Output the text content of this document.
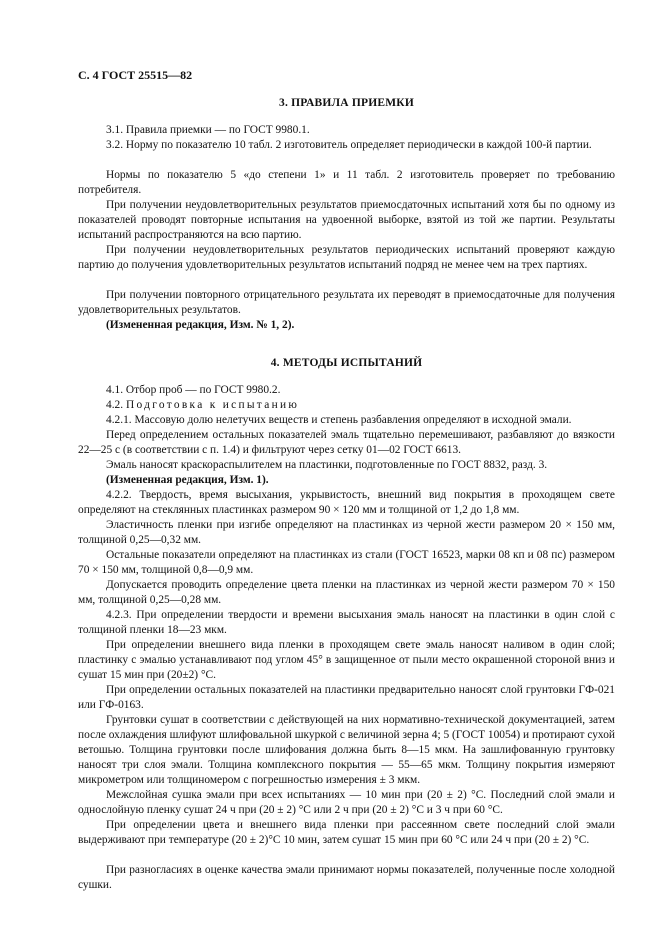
С. 4 ГОСТ 25515—82
3. ПРАВИЛА ПРИЕМКИ
3.1. Правила приемки — по ГОСТ 9980.1.
3.2. Норму по показателю 10 табл. 2 изготовитель определяет периодически в каждой 100-й партии.
Нормы по показателю 5 «до степени 1» и 11 табл. 2 изготовитель проверяет по требованию потребителя.
При получении неудовлетворительных результатов приемосдаточных испытаний хотя бы по одному из показателей проводят повторные испытания на удвоенной выборке, взятой из той же партии. Результаты испытаний распространяются на всю партию.
При получении неудовлетворительных результатов периодических испытаний проверяют каждую партию до получения удовлетворительных результатов испытаний подряд не менее чем на трех партиях.
При получении повторного отрицательного результата их переводят в приемосдаточные для получения удовлетворительных результатов.
(Измененная редакция, Изм. № 1, 2).
4. МЕТОДЫ ИСПЫТАНИЙ
4.1. Отбор проб — по ГОСТ 9980.2.
4.2. Подготовка к испытанию
4.2.1. Массовую долю нелетучих веществ и степень разбавления определяют в исходной эмали.
Перед определением остальных показателей эмаль тщательно перемешивают, разбавляют до вязкости 22—25 с (в соответствии с п. 1.4) и фильтруют через сетку 01—02 ГОСТ 6613.
Эмаль наносят краскораспылителем на пластинки, подготовленные по ГОСТ 8832, разд. 3.
(Измененная редакция, Изм. 1).
4.2.2. Твердость, время высыхания, укрывистость, внешний вид покрытия в проходящем свете определяют на стеклянных пластинках размером 90 × 120 мм и толщиной от 1,2 до 1,8 мм.
Эластичность пленки при изгибе определяют на пластинках из черной жести размером 20 × 150 мм, толщиной 0,25—0,32 мм.
Остальные показатели определяют на пластинках из стали (ГОСТ 16523, марки 08 кп и 08 пс) размером 70 × 150 мм, толщиной 0,8—0,9 мм.
Допускается проводить определение цвета пленки на пластинках из черной жести размером 70 × 150 мм, толщиной 0,25—0,28 мм.
4.2.3. При определении твердости и времени высыхания эмаль наносят на пластинки в один слой с толщиной пленки 18—23 мкм.
При определении внешнего вида пленки в проходящем свете эмаль наносят наливом в один слой; пластинку с эмалью устанавливают под углом 45° в защищенное от пыли место окрашенной стороной вниз и сушат 15 мин при (20±2) °С.
При определении остальных показателей на пластинки предварительно наносят слой грунтовки ГФ-021 или ГФ-0163.
Грунтовки сушат в соответствии с действующей на них нормативно-технической документацией, затем после охлаждения шлифуют шлифовальной шкуркой с величиной зерна 4; 5 (ГОСТ 10054) и протирают сухой ветошью. Толщина грунтовки после шлифования должна быть 8—15 мкм. На зашлифованную грунтовку наносят три слоя эмали. Толщина комплексного покрытия — 55—65 мкм. Толщину покрытия измеряют микрометром или толщиномером с погрешностью измерения ± 3 мкм.
Межслойная сушка эмали при всех испытаниях — 10 мин при (20 ± 2) °С. Последний слой эмали и однослойную пленку сушат 24 ч при (20 ± 2) °С или 2 ч при (20 ± 2) °С и 3 ч при 60 °С.
При определении цвета и внешнего вида пленки при рассеянном свете последний слой эмали выдерживают при температуре (20 ± 2)°С 10 мин, затем сушат 15 мин при 60 °С или 24 ч при (20 ± 2) °С.
При разногласиях в оценке качества эмали принимают нормы показателей, полученные после холодной сушки.
